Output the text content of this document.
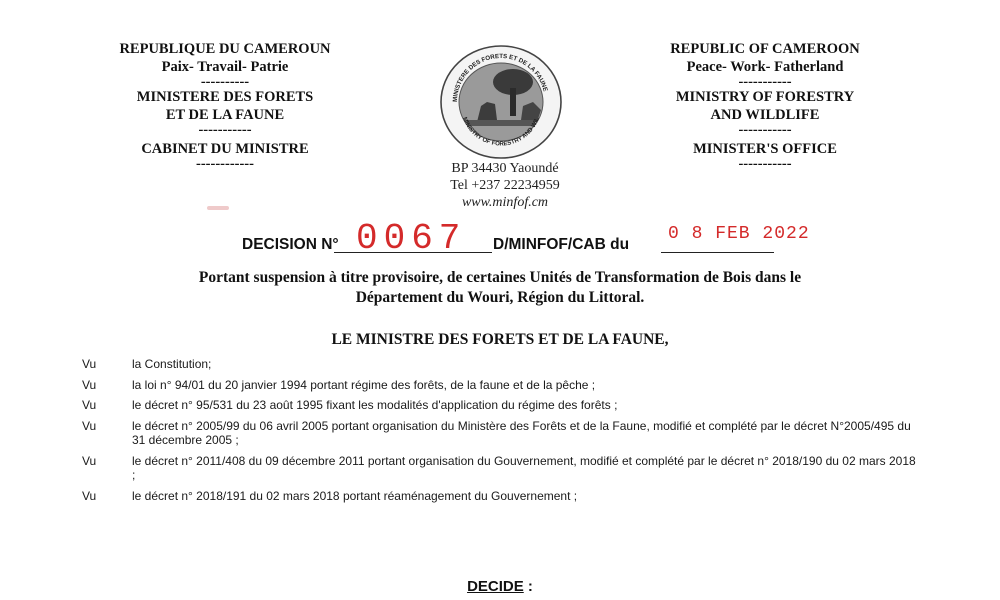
REPUBLIQUE DU CAMEROUN
Paix- Travail- Patrie
----------
MINISTERE DES FORETS
ET DE LA FAUNE
-----------
CABINET DU MINISTRE
------------
REPUBLIC OF CAMEROON
Peace- Work- Fatherland
-----------
MINISTRY OF FORESTRY
AND WILDLIFE
-----------
MINISTER'S OFFICE
-----------
MINISTERE DES FORETS ET DE LA FAUNE
MINISTRY OF FORESTRY AND WIL
BP 34430 Yaoundé
Tel +237 22234959
www.minfof.cm
DECISION N° 0067 D/MINFOF/CAB du
0 8 FEB 2022
Portant suspension à titre provisoire, de certaines Unités de Transformation de Bois dans le
Département du Wouri, Région du Littoral.
LE MINISTRE DES FORETS ET DE LA FAUNE,
Vu	la Constitution;
Vu	la loi n° 94/01 du 20 janvier 1994 portant régime des forêts, de la faune et de la pêche ;
Vu	le décret n° 95/531 du 23 août 1995 fixant les modalités d'application du régime des forêts ;
Vu	le décret n° 2005/99 du 06 avril 2005 portant organisation du Ministère des Forêts et de la Faune, modifié et complété par le décret N°2005/495 du 31 décembre 2005 ;
Vu	le décret n° 2011/408 du 09 décembre 2011 portant organisation du Gouvernement, modifié et complété par le décret n° 2018/190 du 02 mars 2018 ;
Vu	le décret n° 2018/191 du 02 mars 2018 portant réaménagement du Gouvernement ;
DECIDE :
